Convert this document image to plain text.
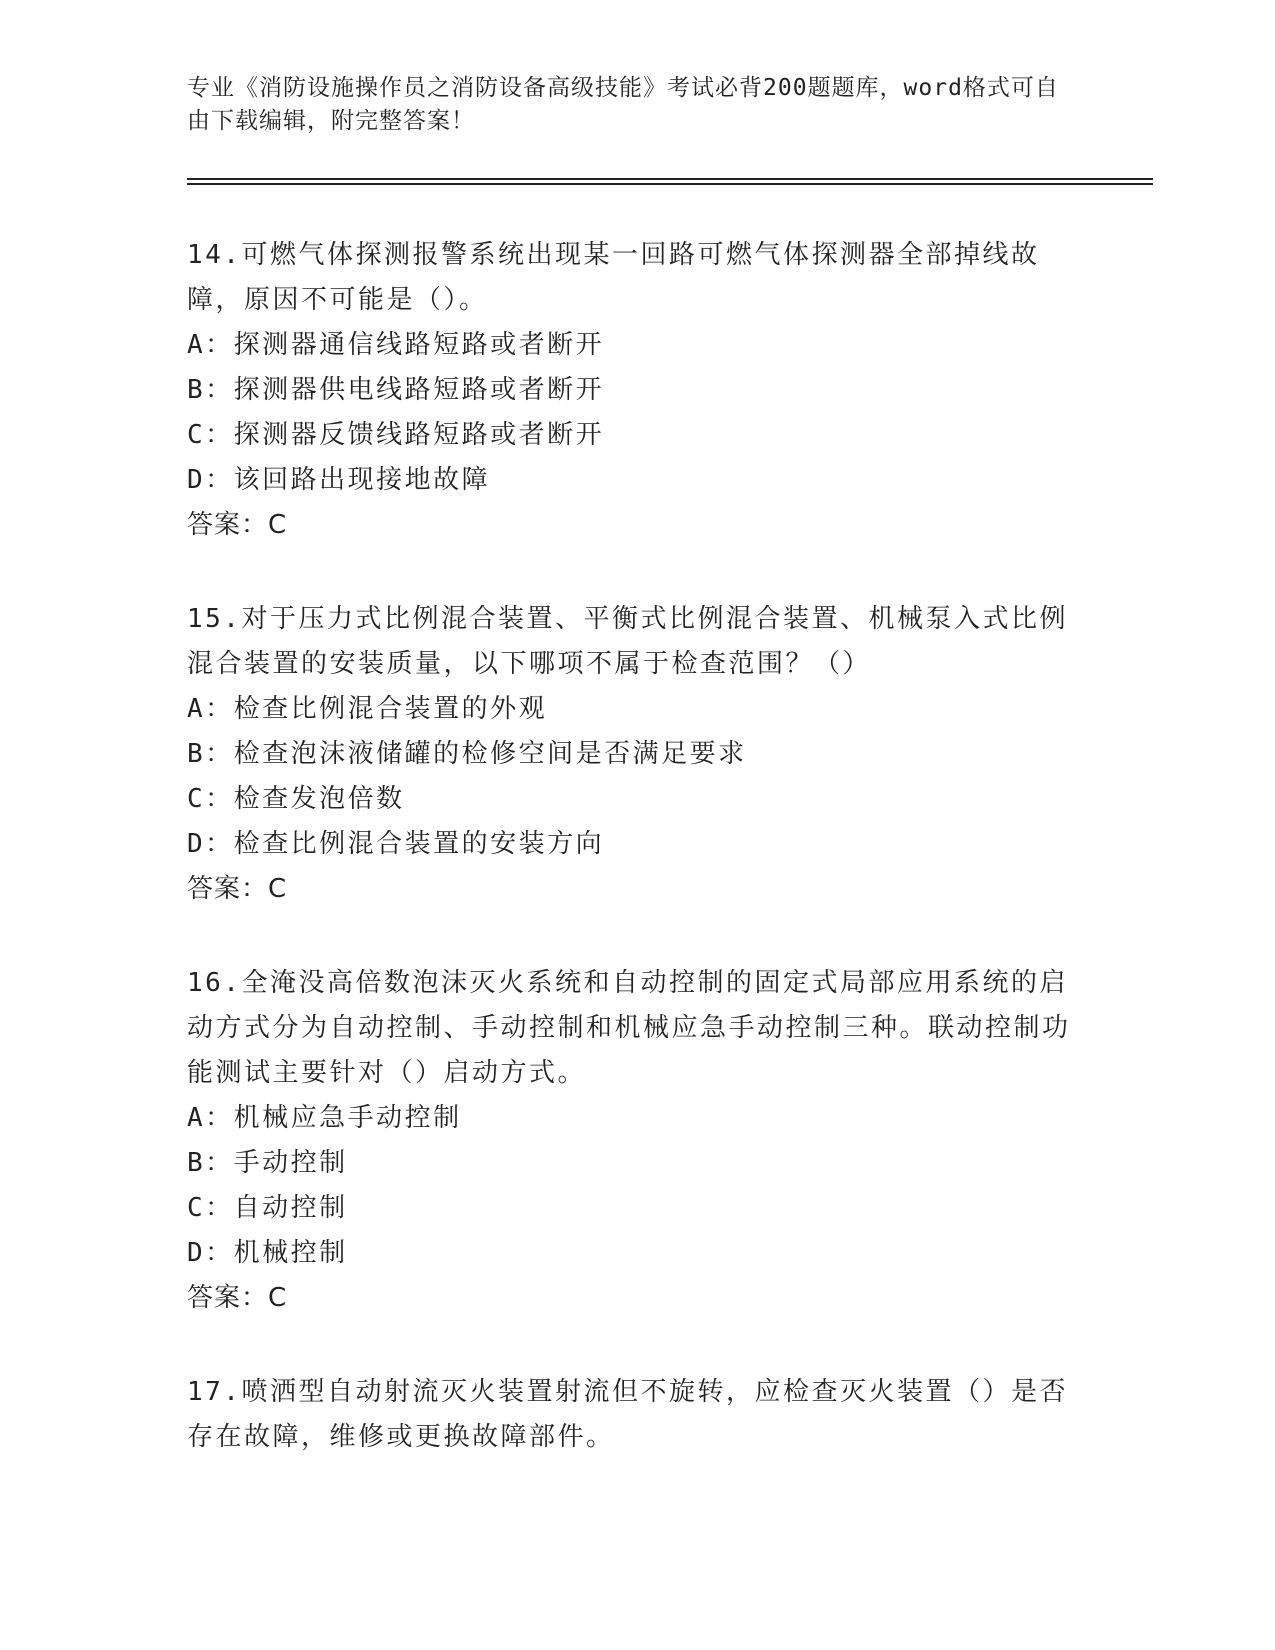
专业《消防设施操作员之消防设备高级技能》考试必背200题题库，word格式可自由下载编辑，附完整答案！

14.可燃气体探测报警系统出现某一回路可燃气体探测器全部掉线故障，原因不可能是（）。

A：探测器通信线路短路或者断开

B：探测器供电线路短路或者断开

C：探测器反馈线路短路或者断开

D：该回路出现接地故障

答案：C

15.对于压力式比例混合装置、平衡式比例混合装置、机械泵入式比例混合装置的安装质量，以下哪项不属于检查范围？（）

A：检查比例混合装置的外观

B：检查泡沫液储罐的检修空间是否满足要求

C：检查发泡倍数

D：检查比例混合装置的安装方向

答案：C

16.全淹没高倍数泡沫灭火系统和自动控制的固定式局部应用系统的启动方式分为自动控制、手动控制和机械应急手动控制三种。联动控制功能测试主要针对（）启动方式。

A：机械应急手动控制

B：手动控制

C：自动控制

D：机械控制

答案：C

17.喷洒型自动射流灭火装置射流但不旋转，应检查灭火装置（）是否存在故障，维修或更换故障部件。
